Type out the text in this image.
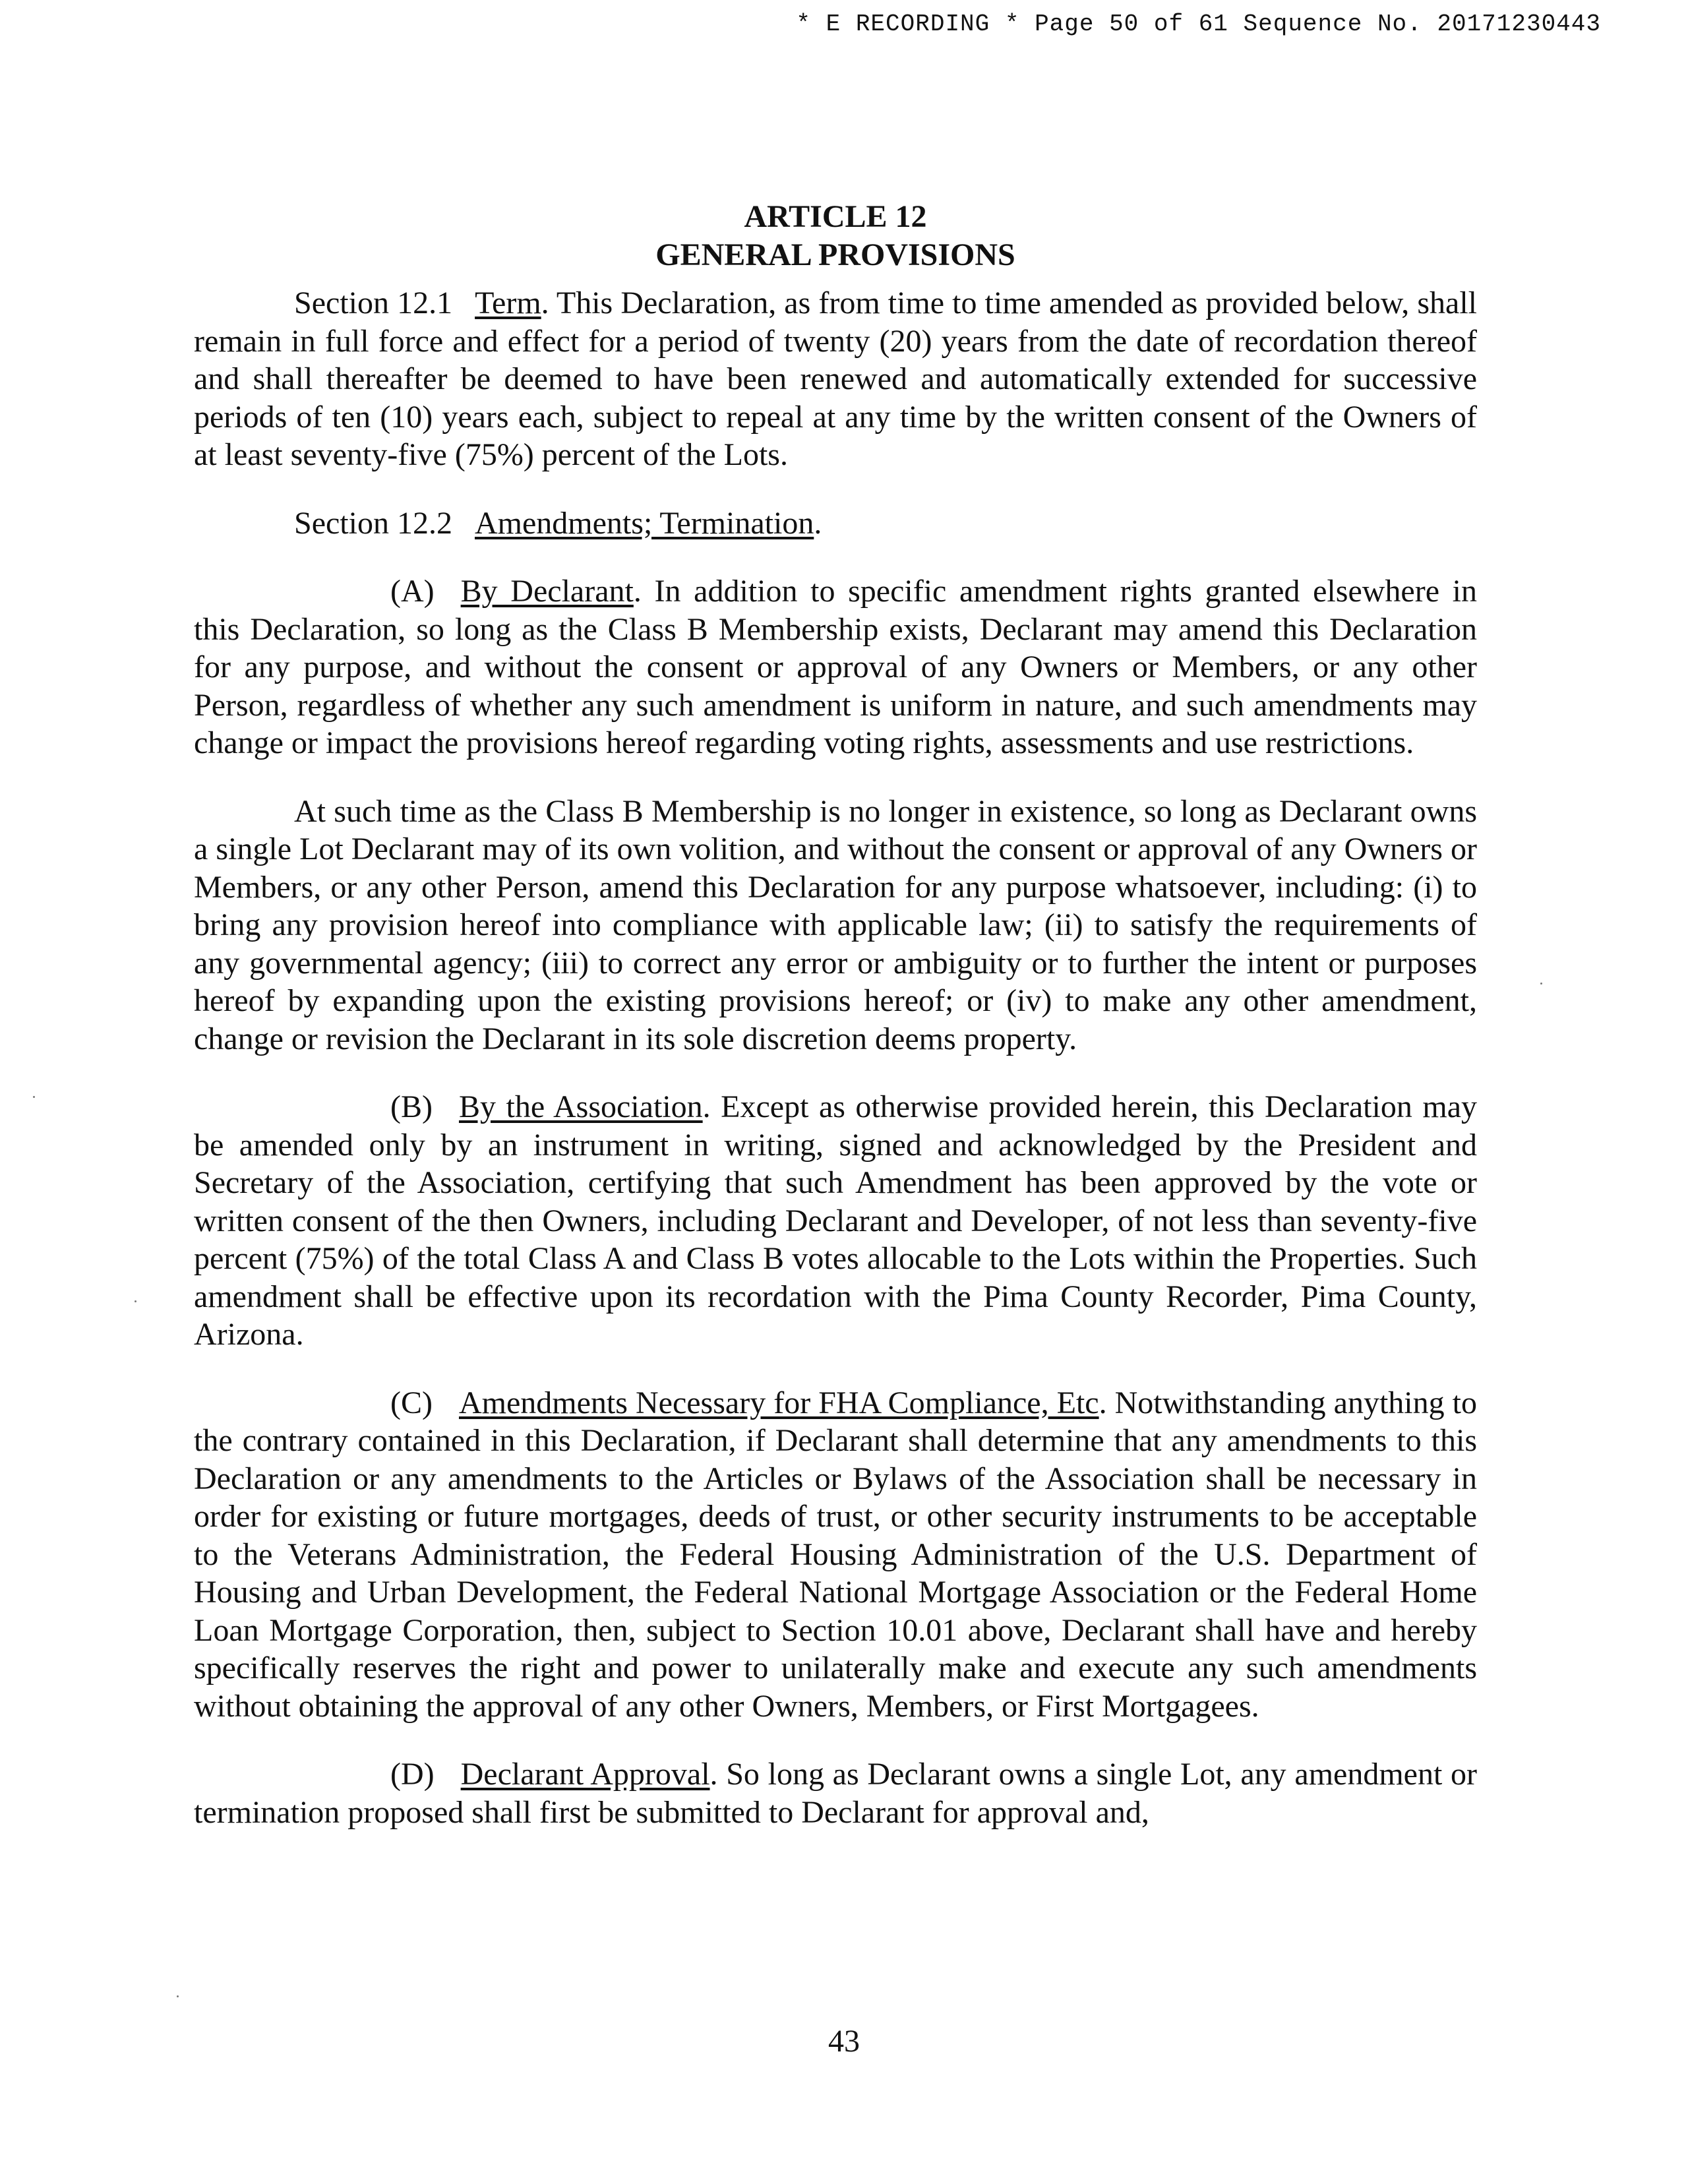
* E RECORDING * Page 50 of 61 Sequence No. 20171230443
ARTICLE 12
GENERAL PROVISIONS

Section 12.1 Term. This Declaration, as from time to time amended as provided below, shall remain in full force and effect for a period of twenty (20) years from the date of recordation thereof and shall thereafter be deemed to have been renewed and automatically extended for successive periods of ten (10) years each, subject to repeal at any time by the written consent of the Owners of at least seventy-five (75%) percent of the Lots.

Section 12.2 Amendments; Termination.

(A) By Declarant. In addition to specific amendment rights granted elsewhere in this Declaration, so long as the Class B Membership exists, Declarant may amend this Declaration for any purpose, and without the consent or approval of any Owners or Members, or any other Person, regardless of whether any such amendment is uniform in nature, and such amendments may change or impact the provisions hereof regarding voting rights, assessments and use restrictions.

At such time as the Class B Membership is no longer in existence, so long as Declarant owns a single Lot Declarant may of its own volition, and without the consent or approval of any Owners or Members, or any other Person, amend this Declaration for any purpose whatsoever, including: (i) to bring any provision hereof into compliance with applicable law; (ii) to satisfy the requirements of any governmental agency; (iii) to correct any error or ambiguity or to further the intent or purposes hereof by expanding upon the existing provisions hereof; or (iv) to make any other amendment, change or revision the Declarant in its sole discretion deems property.

(B) By the Association. Except as otherwise provided herein, this Declaration may be amended only by an instrument in writing, signed and acknowledged by the President and Secretary of the Association, certifying that such Amendment has been approved by the vote or written consent of the then Owners, including Declarant and Developer, of not less than seventy-five percent (75%) of the total Class A and Class B votes allocable to the Lots within the Properties. Such amendment shall be effective upon its recordation with the Pima County Recorder, Pima County, Arizona.

(C) Amendments Necessary for FHA Compliance, Etc. Notwithstanding anything to the contrary contained in this Declaration, if Declarant shall determine that any amendments to this Declaration or any amendments to the Articles or Bylaws of the Association shall be necessary in order for existing or future mortgages, deeds of trust, or other security instruments to be acceptable to the Veterans Administration, the Federal Housing Administration of the U.S. Department of Housing and Urban Development, the Federal National Mortgage Association or the Federal Home Loan Mortgage Corporation, then, subject to Section 10.01 above, Declarant shall have and hereby specifically reserves the right and power to unilaterally make and execute any such amendments without obtaining the approval of any other Owners, Members, or First Mortgagees.

(D) Declarant Approval. So long as Declarant owns a single Lot, any amendment or termination proposed shall first be submitted to Declarant for approval and,

43
